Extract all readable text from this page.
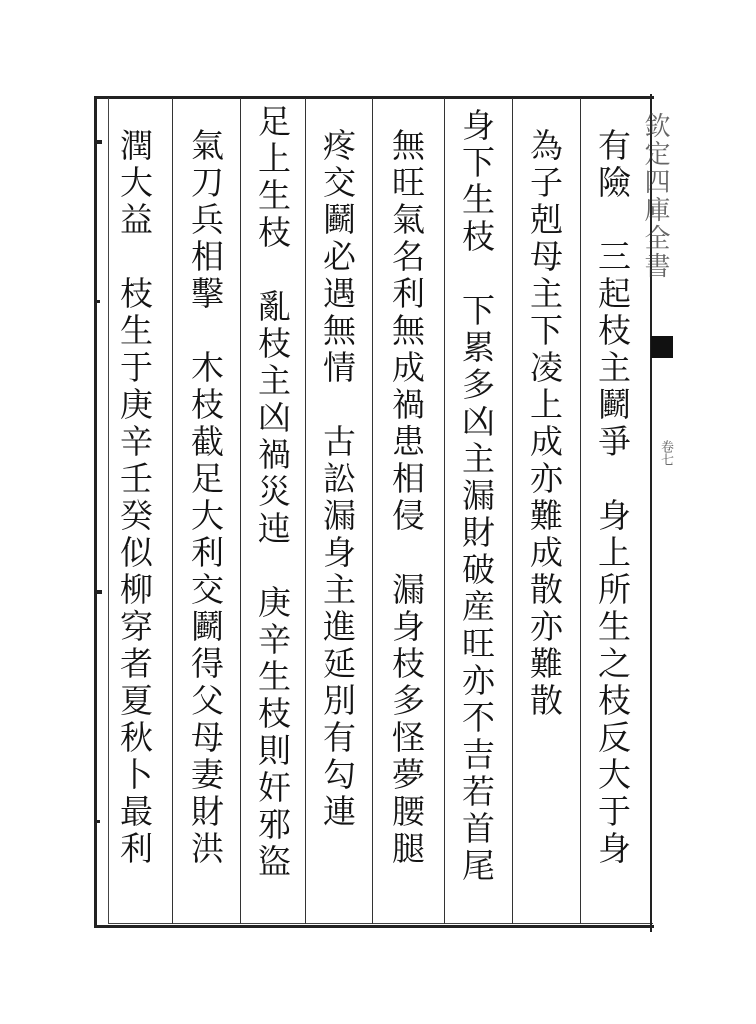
欽定四庫全書
卷七
有險　三起枝主鬬爭　身上所生之枝反大于身
為子剋母主下凌上成亦難成散亦難散
身下生枝　下累多凶主漏財破産旺亦不吉若首尾
無旺氣名利無成禍患相侵　漏身枝多怪夢腰腿
疼交鬬必遇無情　古訟漏身主進延別有勾連
足上生枝　亂枝主凶禍災迍　庚辛生枝則奸邪盜
氣刀兵相擊　木枝截足大利交鬬得父母妻財洪
潤大益　枝生于庚辛壬癸似柳穿者夏秋卜最利
